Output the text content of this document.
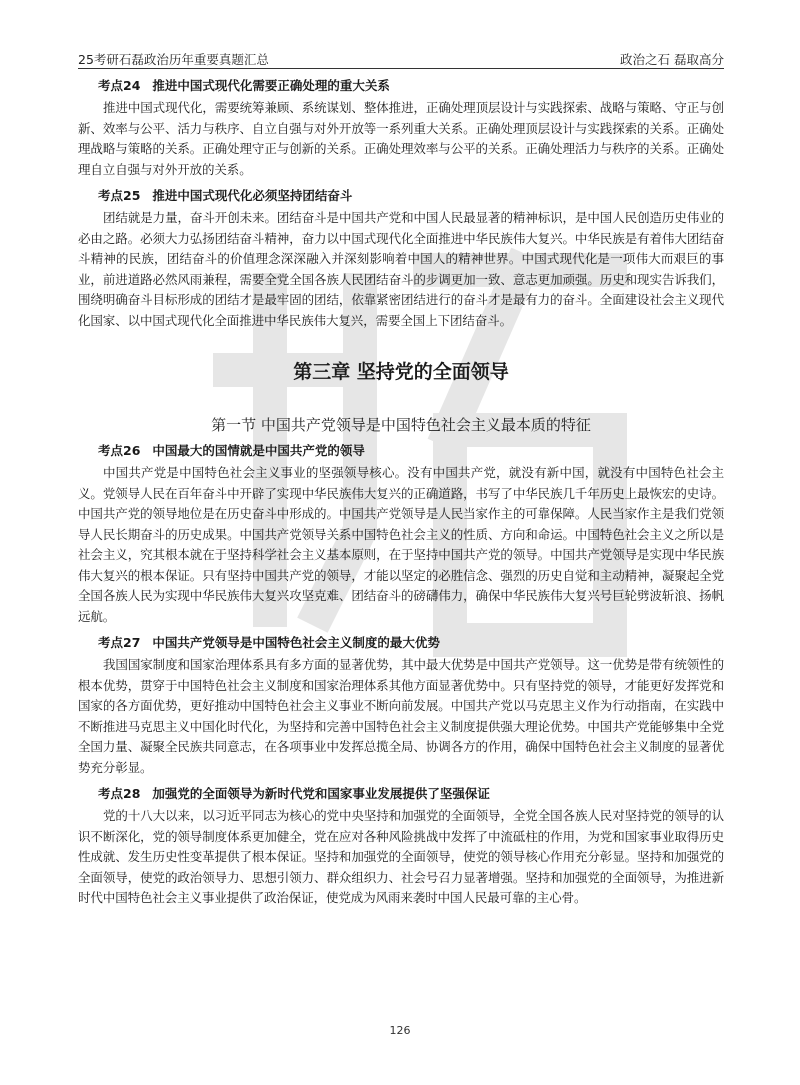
25考研石磊政治历年重要真题汇总	政治之石 磊取高分

考点24 推进中国式现代化需要正确处理的重大关系

推进中国式现代化，需要统筹兼顾、系统谋划、整体推进，正确处理顶层设计与实践探索、战略与策略、守正与创新、效率与公平、活力与秩序、自立自强与对外开放等一系列重大关系。正确处理顶层设计与实践探索的关系。正确处理战略与策略的关系。正确处理守正与创新的关系。正确处理效率与公平的关系。正确处理活力与秩序的关系。正确处理自立自强与对外开放的关系。

考点25 推进中国式现代化必须坚持团结奋斗

团结就是力量，奋斗开创未来。团结奋斗是中国共产党和中国人民最显著的精神标识，是中国人民创造历史伟业的必由之路。必须大力弘扬团结奋斗精神，奋力以中国式现代化全面推进中华民族伟大复兴。中华民族是有着伟大团结奋斗精神的民族，团结奋斗的价值理念深深融入并深刻影响着中国人的精神世界。中国式现代化是一项伟大而艰巨的事业，前进道路必然风雨兼程，需要全党全国各族人民团结奋斗的步调更加一致、意志更加顽强。历史和现实告诉我们，围绕明确奋斗目标形成的团结才是最牢固的团结，依靠紧密团结进行的奋斗才是最有力的奋斗。全面建设社会主义现代化国家、以中国式现代化全面推进中华民族伟大复兴，需要全国上下团结奋斗。

第三章 坚持党的全面领导
第一节 中国共产党领导是中国特色社会主义最本质的特征

考点26 中国最大的国情就是中国共产党的领导

中国共产党是中国特色社会主义事业的坚强领导核心。没有中国共产党，就没有新中国，就没有中国特色社会主义。党领导人民在百年奋斗中开辟了实现中华民族伟大复兴的正确道路，书写了中华民族几千年历史上最恢宏的史诗。中国共产党的领导地位是在历史奋斗中形成的。中国共产党领导是人民当家作主的可靠保障。人民当家作主是我们党领导人民长期奋斗的历史成果。中国共产党领导关系中国特色社会主义的性质、方向和命运。中国特色社会主义之所以是社会主义，究其根本就在于坚持科学社会主义基本原则，在于坚持中国共产党的领导。中国共产党领导是实现中华民族伟大复兴的根本保证。只有坚持中国共产党的领导，才能以坚定的必胜信念、强烈的历史自觉和主动精神，凝聚起全党全国各族人民为实现中华民族伟大复兴攻坚克难、团结奋斗的磅礴伟力，确保中华民族伟大复兴号巨轮劈波斩浪、扬帆远航。

考点27 中国共产党领导是中国特色社会主义制度的最大优势

我国国家制度和国家治理体系具有多方面的显著优势，其中最大优势是中国共产党领导。这一优势是带有统领性的根本优势，贯穿于中国特色社会主义制度和国家治理体系其他方面显著优势中。只有坚持党的领导，才能更好发挥党和国家的各方面优势，更好推动中国特色社会主义事业不断向前发展。中国共产党以马克思主义作为行动指南，在实践中不断推进马克思主义中国化时代化，为坚持和完善中国特色社会主义制度提供强大理论优势。中国共产党能够集中全党全国力量、凝聚全民族共同意志，在各项事业中发挥总揽全局、协调各方的作用，确保中国特色社会主义制度的显著优势充分彰显。

考点28 加强党的全面领导为新时代党和国家事业发展提供了坚强保证

党的十八大以来，以习近平同志为核心的党中央坚持和加强党的全面领导，全党全国各族人民对坚持党的领导的认识不断深化，党的领导制度体系更加健全，党在应对各种风险挑战中发挥了中流砥柱的作用，为党和国家事业取得历史性成就、发生历史性变革提供了根本保证。坚持和加强党的全面领导，使党的领导核心作用充分彰显。坚持和加强党的全面领导，使党的政治领导力、思想引领力、群众组织力、社会号召力显著增强。坚持和加强党的全面领导，为推进新时代中国特色社会主义事业提供了政治保证，使党成为风雨来袭时中国人民最可靠的主心骨。

126
